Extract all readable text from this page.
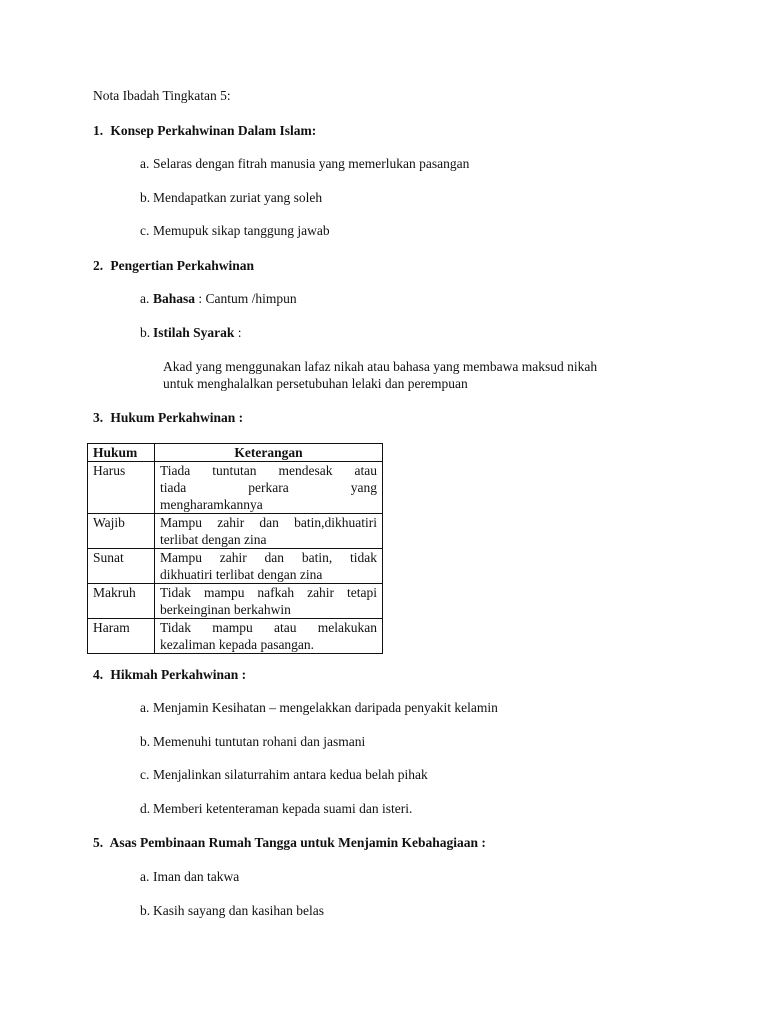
Nota Ibadah Tingkatan 5:
1. Konsep Perkahwinan Dalam Islam:
a. Selaras dengan fitrah manusia yang memerlukan pasangan
b. Mendapatkan zuriat yang soleh
c. Memupuk sikap tanggung jawab
2. Pengertian Perkahwinan
a. Bahasa : Cantum /himpun
b. Istilah Syarak :
Akad yang menggunakan lafaz nikah atau bahasa yang membawa maksud nikah
untuk menghalalkan persetubuhan lelaki dan perempuan
3. Hukum Perkahwinan :
Hukum	Keterangan
Harus	Tiada tuntutan mendesak atau
tiada perkara yang
mengharamkannya

Wajib	Mampu zahir dan batin,dikhuatiri
terlibat dengan zina

Sunat	Mampu zahir dan batin, tidak
dikhuatiri terlibat dengan zina

Makruh	Tidak mampu nafkah zahir tetapi
berkeinginan berkahwin

Haram	Tidak mampu atau melakukan
kezaliman kepada pasangan.
4. Hikmah Perkahwinan :
a. Menjamin Kesihatan – mengelakkan daripada penyakit kelamin
b. Memenuhi tuntutan rohani dan jasmani
c. Menjalinkan silaturrahim antara kedua belah pihak
d. Memberi ketenteraman kepada suami dan isteri.
5. Asas Pembinaan Rumah Tangga untuk Menjamin Kebahagiaan :
a. Iman dan takwa
b. Kasih sayang dan kasihan belas
